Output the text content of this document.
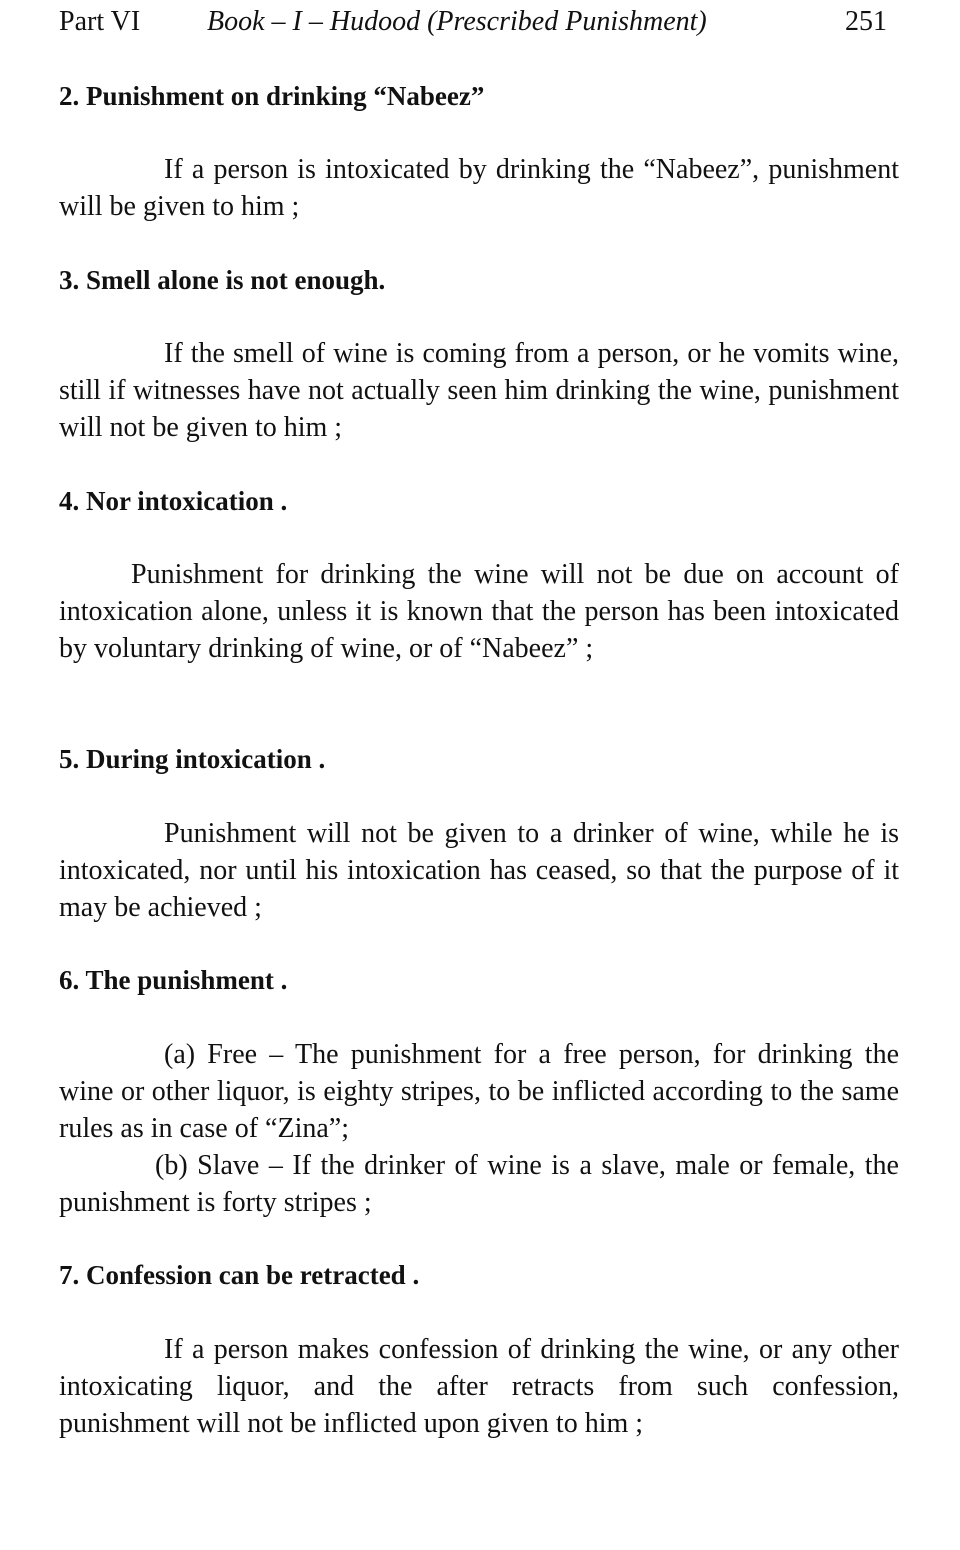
Part VI Book – I – Hudood (Prescribed Punishment)	251
2. Punishment on drinking “Nabeez”

If a person is intoxicated by drinking the “Nabeez”, punishment will be given to him ;

3. Smell alone is not enough.

If the smell of wine is coming from a person, or he vomits wine, still if witnesses have not actually seen him drinking the wine, punishment will not be given to him ;

4. Nor intoxication .

Punishment for drinking the wine will not be due on account of intoxication alone, unless it is known that the person has been intoxicated by voluntary drinking of wine, or of “Nabeez” ;

5. During intoxication .

Punishment will not be given to a drinker of wine, while he is intoxicated, nor until his intoxication has ceased, so that the purpose of it may be achieved ;

6. The punishment .

(a) Free – The punishment for a free person, for drinking the wine or other liquor, is eighty stripes, to be inflicted according to the same rules as in case of “Zina”;

(b) Slave – If the drinker of wine is a slave, male or female, the punishment is forty stripes ;

7. Confession can be retracted .

If a person makes confession of drinking the wine, or any other intoxicating liquor, and the after retracts from such confession, punishment will not be inflicted upon given to him ;
